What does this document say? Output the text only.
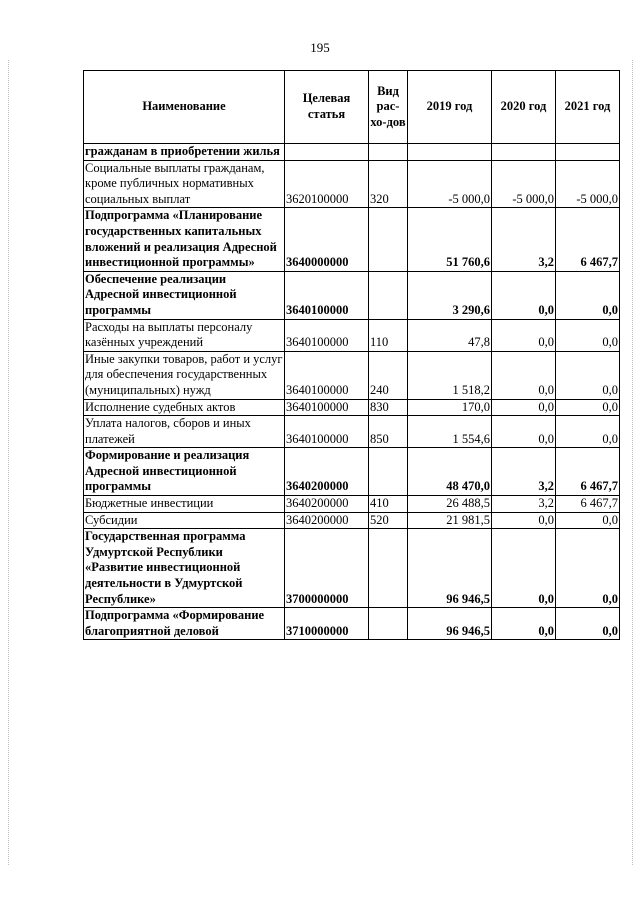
195
Наименование	Целевая статья	Вид рас-хо-дов	2019 год	2020 год	2021 год
гражданам в приобретении жилья					
Социальные выплаты гражданам, кроме публичных нормативных социальных выплат	3620100000	320	-5 000,0	-5 000,0	-5 000,0
Подпрограмма «Планирование государственных капитальных вложений и реализация Адресной инвестиционной программы»	3640000000		51 760,6	3,2	6 467,7
Обеспечение реализации Адресной инвестиционной программы	3640100000		3 290,6	0,0	0,0
Расходы на выплаты персоналу казённых учреждений	3640100000	110	47,8	0,0	0,0
Иные закупки товаров, работ и услуг для обеспечения государственных (муниципальных) нужд	3640100000	240	1 518,2	0,0	0,0
Исполнение судебных актов	3640100000	830	170,0	0,0	0,0
Уплата налогов, сборов и иных платежей	3640100000	850	1 554,6	0,0	0,0
Формирование и реализация Адресной инвестиционной программы	3640200000		48 470,0	3,2	6 467,7
Бюджетные инвестиции	3640200000	410	26 488,5	3,2	6 467,7
Субсидии	3640200000	520	21 981,5	0,0	0,0
Государственная программа Удмуртской Республики «Развитие инвестиционной деятельности в Удмуртской Республике»	3700000000		96 946,5	0,0	0,0
Подпрограмма «Формирование благоприятной деловой	3710000000		96 946,5	0,0	0,0
